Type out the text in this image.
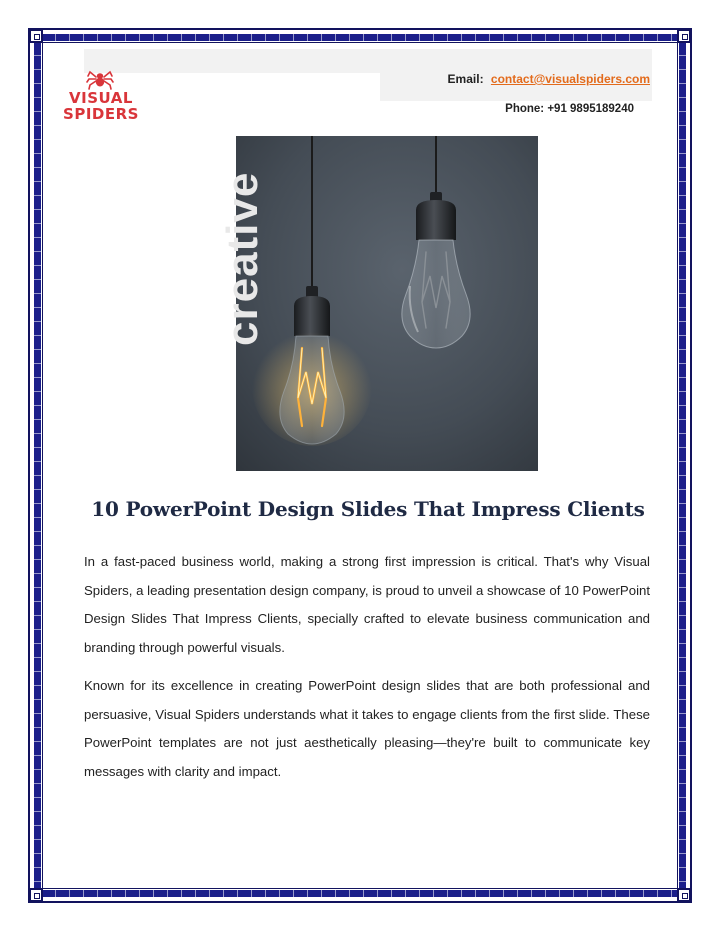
Email: contact@visualspiders.com
Phone: +91 9895189240
VISUAL
SPIDERS
creative
10 PowerPoint Design Slides That Impress Clients

In a fast-paced business world, making a strong first impression is critical. That's why Visual Spiders, a leading presentation design company, is proud to unveil a showcase of 10 PowerPoint Design Slides That Impress Clients, specially crafted to elevate business communication and branding through powerful visuals.

Known for its excellence in creating PowerPoint design slides that are both professional and persuasive, Visual Spiders understands what it takes to engage clients from the first slide. These PowerPoint templates are not just aesthetically pleasing—they're built to communicate key messages with clarity and impact.
